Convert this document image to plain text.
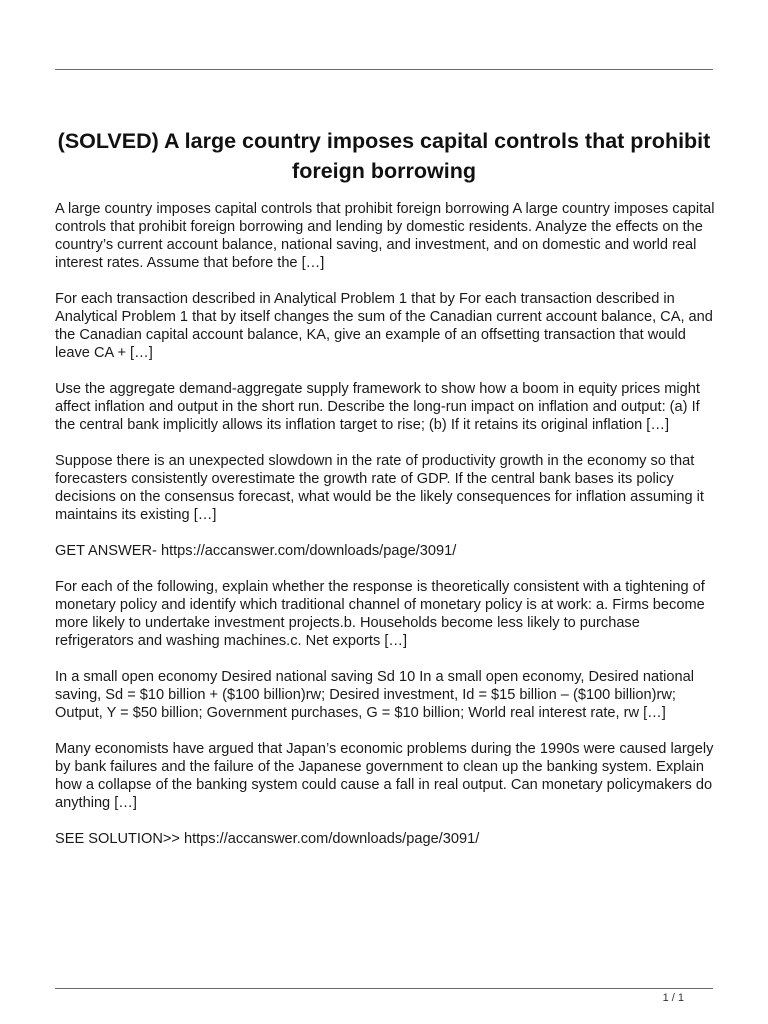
(SOLVED) A large country imposes capital controls that prohibit foreign borrowing

A large country imposes capital controls that prohibit foreign borrowing A large country imposes capital controls that prohibit foreign borrowing and lending by domestic residents. Analyze the effects on the country’s current account balance, national saving, and investment, and on domestic and world real interest rates. Assume that before the […]

For each transaction described in Analytical Problem 1 that by For each transaction described in Analytical Problem 1 that by itself changes the sum of the Canadian current account balance, CA, and the Canadian capital account balance, KA, give an example of an offsetting transaction that would leave CA + […]

Use the aggregate demand-aggregate supply framework to show how a boom in equity prices might affect inflation and output in the short run. Describe the long-run impact on inflation and output: (a) If the central bank implicitly allows its inflation target to rise; (b) If it retains its original inflation […]

Suppose there is an unexpected slowdown in the rate of productivity growth in the economy so that forecasters consistently overestimate the growth rate of GDP. If the central bank bases its policy decisions on the consensus forecast, what would be the likely consequences for inflation assuming it maintains its existing […]

GET ANSWER- https://accanswer.com/downloads/page/3091/

For each of the following, explain whether the response is theoretically consistent with a tightening of monetary policy and identify which traditional channel of monetary policy is at work: a. Firms become more likely to undertake investment projects.b. Households become less likely to purchase refrigerators and washing machines.c. Net exports […]

In a small open economy Desired national saving Sd 10 In a small open economy, Desired national saving, Sd = $10 billion + ($100 billion)rw; Desired investment, Id = $15 billion – ($100 billion)rw; Output, Y = $50 billion; Government purchases, G = $10 billion; World real interest rate, rw […]

Many economists have argued that Japan’s economic problems during the 1990s were caused largely by bank failures and the failure of the Japanese government to clean up the banking system. Explain how a collapse of the banking system could cause a fall in real output. Can monetary policymakers do anything […]

SEE SOLUTION>> https://accanswer.com/downloads/page/3091/

1 / 1
